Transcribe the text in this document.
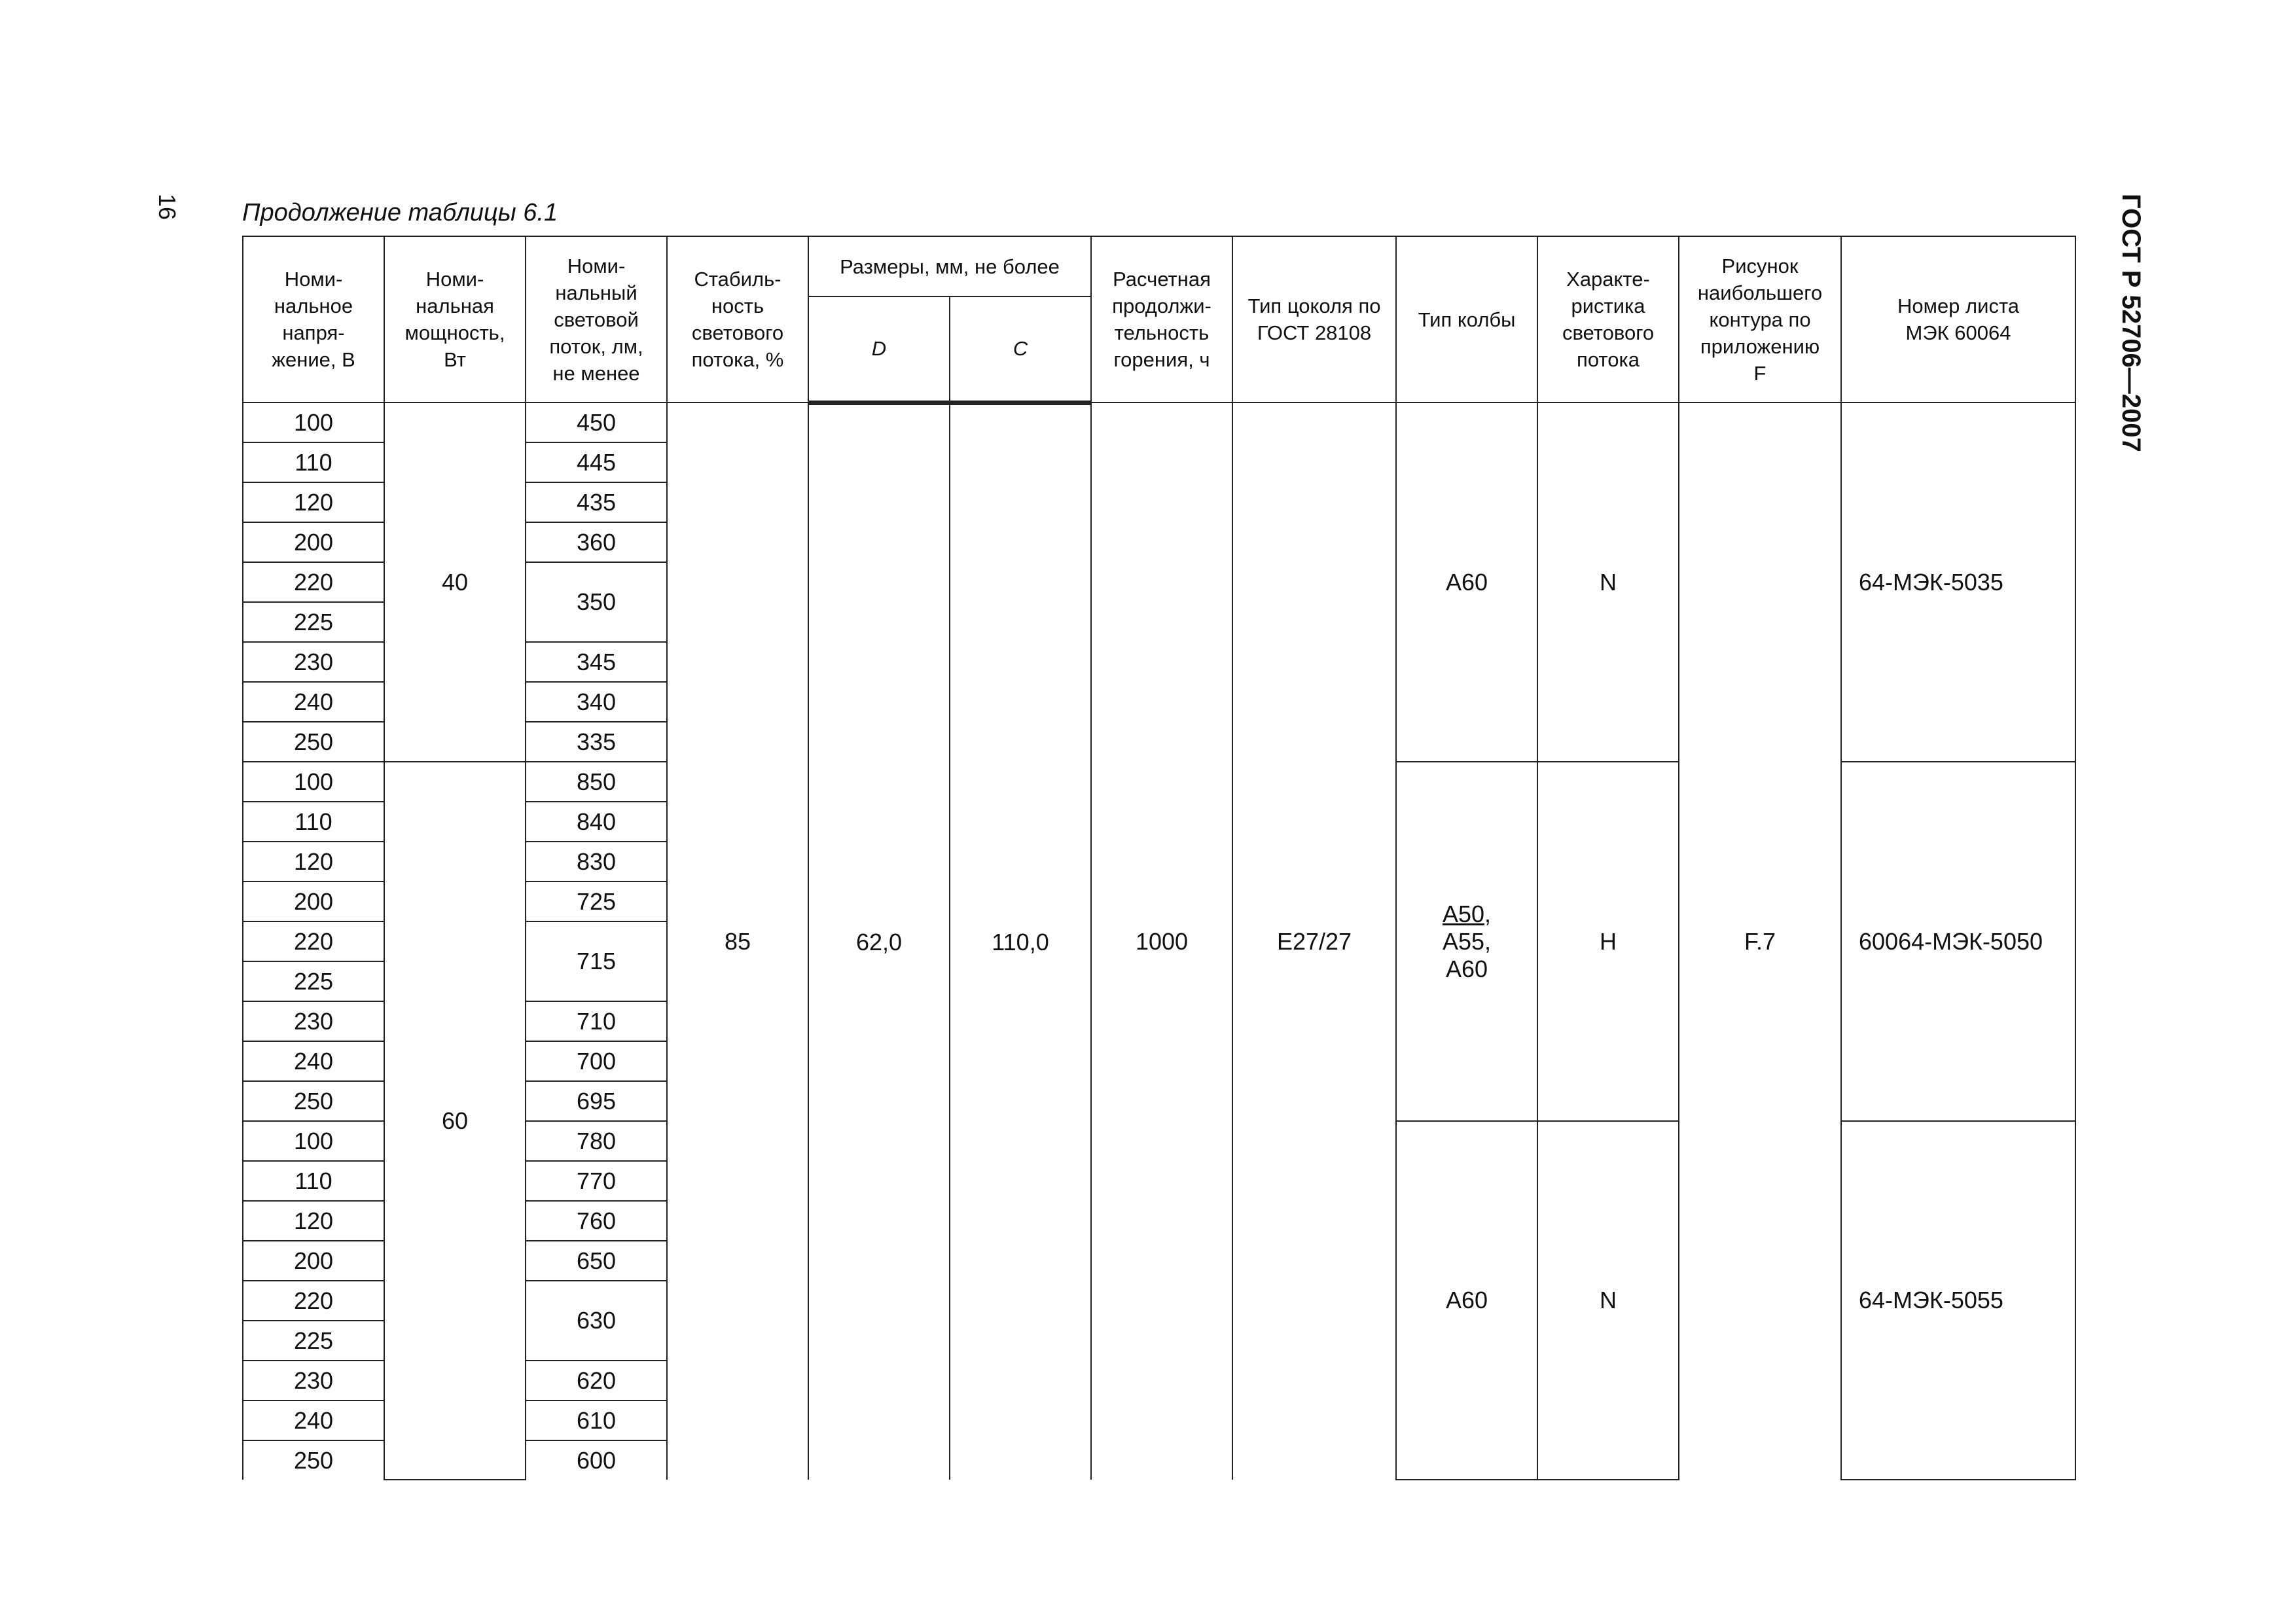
16	ГОСТ Р 52706—2007
Продолжение таблицы 6.1
Номи-
нальное
напря-
жение, В	Номи-
нальная
мощность,
Вт	Номи-
нальный
световой
поток, лм,
не менее	Стабиль-
ность
светового
потока, %	Размеры, мм, не более		Расчетная
продолжи-
тельность
горения, ч	Тип цоколя по
ГОСТ 28108	Тип колбы	Характе-
ристика
светового
потока	Рисунок
наибольшего
контура по
приложению
F	Номер листа
МЭК 60064
				D	C						
100	40	450	85	62,0	110,0	1000	E27/27	A60	N	F.7	64-МЭК-5035
110		445									
120		435									
200		360									
220		350									
225											
230		345									
240		340									
250		335									
100	60	850						A50,
A55,
A60	H		60064-МЭК-5050
110		840									
120		830									
200		725									
220		715									
225											
230		710									
240		700									
250		695									
100		780						A60	N		64-МЭК-5055
110		770									
120		760									
200		650									
220		630									
225											
230		620									
240		610									
250		600									
